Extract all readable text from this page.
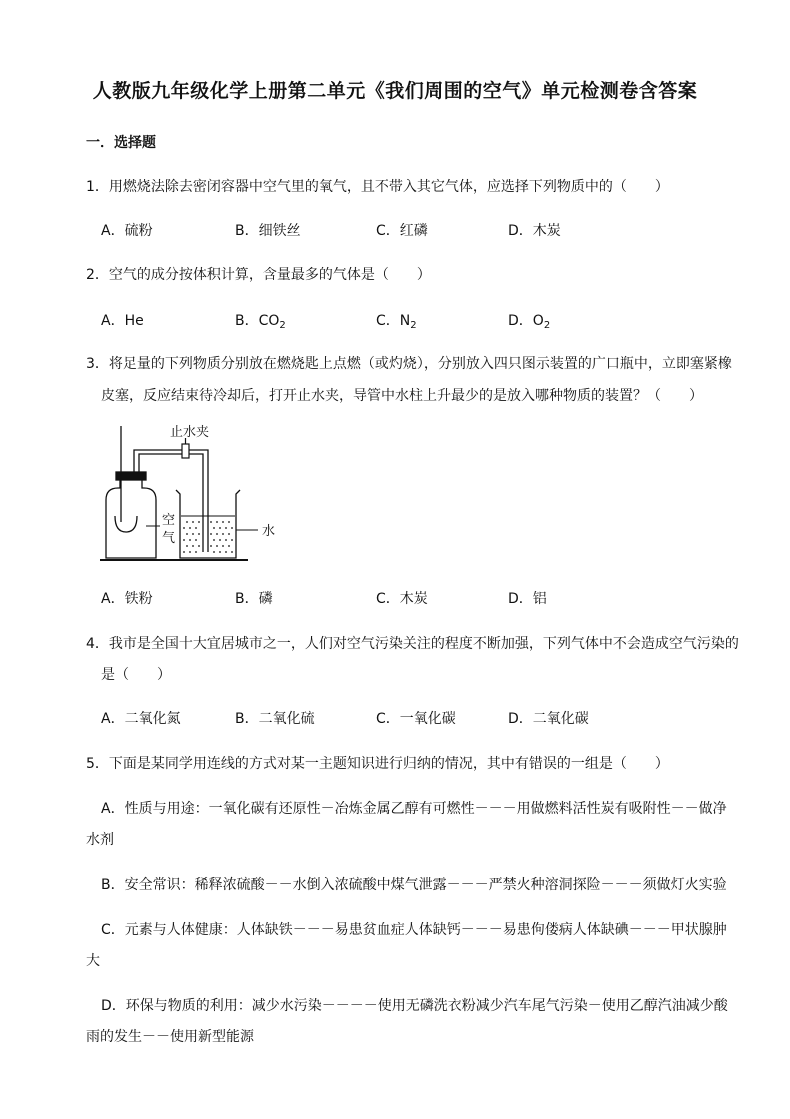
人教版九年级化学上册第二单元《我们周围的空气》单元检测卷含答案
一．选择题
1．用燃烧法除去密闭容器中空气里的氧气，且不带入其它气体，应选择下列物质中的（　　）
A．硫粉	B．细铁丝	C．红磷	D．木炭
2．空气的成分按体积计算，含量最多的气体是（　　）
A．He	B．$CO_2$	C．$N_2$	D．$O_2$
3．将足量的下列物质分别放在燃烧匙上点燃（或灼烧），分别放入四只图示装置的广口瓶中，立即塞紧橡
皮塞，反应结束待冷却后，打开止水夹，导管中水柱上升最少的是放入哪种物质的装置？（　　）
止水夹
空
气	水
A．铁粉	B．磷	C．木炭	D．铝
4．我市是全国十大宜居城市之一，人们对空气污染关注的程度不断加强，下列气体中不会造成空气污染的
是（　　）
A．二氧化氮	B．二氧化硫	C．一氧化碳	D．二氧化碳
5．下面是某同学用连线的方式对某一主题知识进行归纳的情况，其中有错误的一组是（　　）
A．性质与用途：一氧化碳有还原性－冶炼金属乙醇有可燃性－－－用做燃料活性炭有吸附性－－做净
水剂
B．安全常识：稀释浓硫酸－－水倒入浓硫酸中煤气泄露－－－严禁火种溶洞探险－－－须做灯火实验
C．元素与人体健康：人体缺铁－－－易患贫血症人体缺钙－－－易患佝偻病人体缺碘－－－甲状腺肿
大
D．环保与物质的利用：减少水污染－－－－使用无磷洗衣粉减少汽车尾气污染－使用乙醇汽油减少酸
雨的发生－－使用新型能源
